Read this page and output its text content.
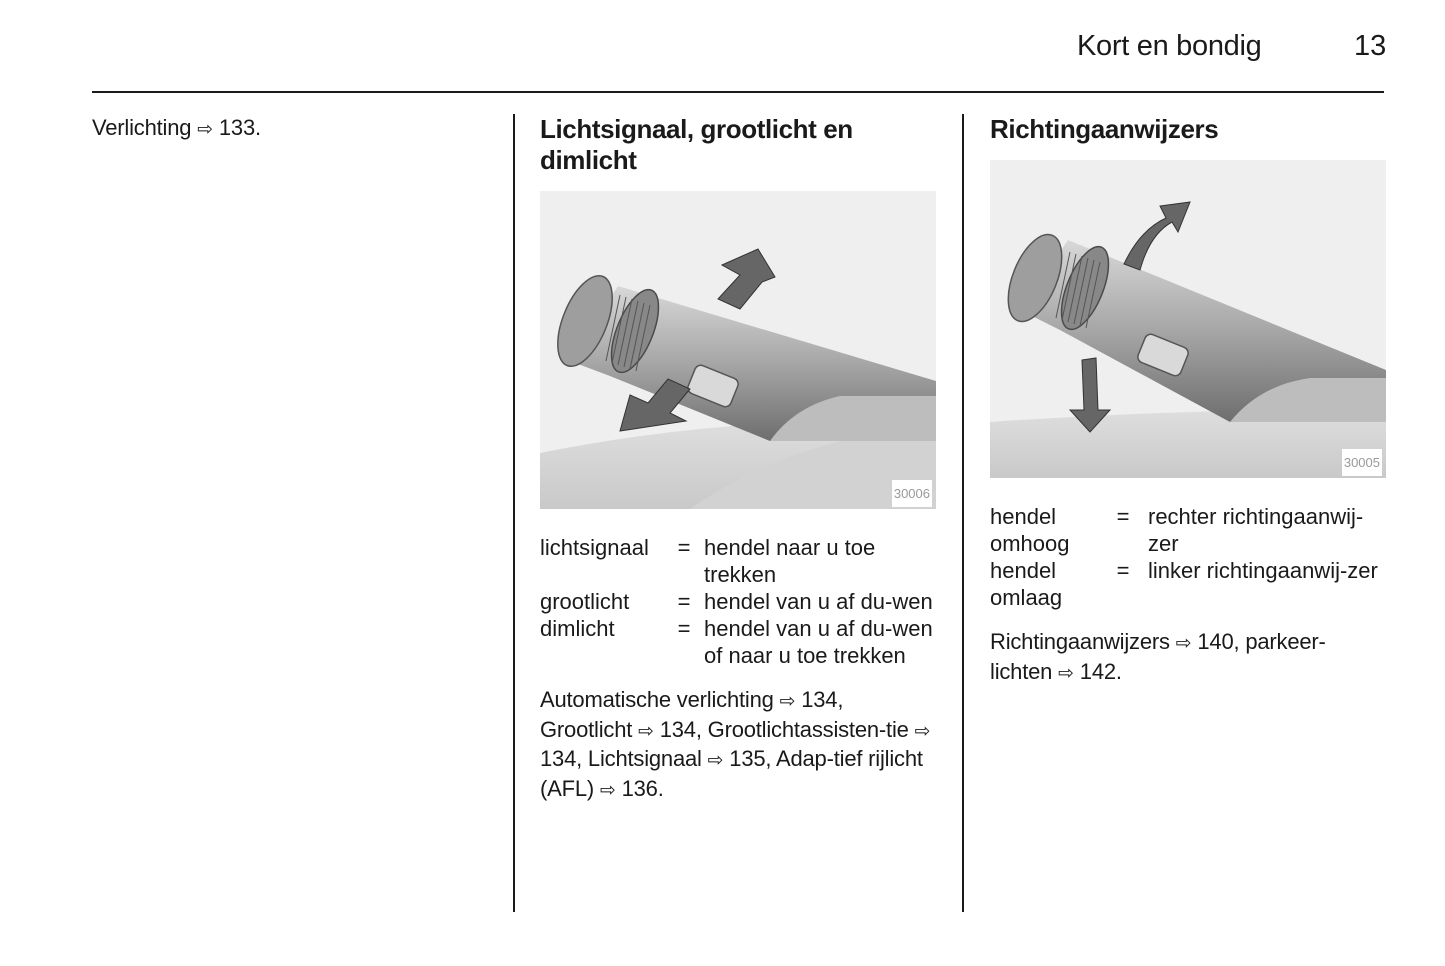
Kort en bondig	13

Verlichting ⇨ 133.	Lichtsignaal, grootlicht en dimlicht
30006
lichtsignaal	=	hendel naar u toe trekken
grootlicht	=	hendel van u af du-wen
dimlicht	=	hendel van u af du-wen of naar u toe trekken

Automatische verlichting ⇨ 134, Grootlicht ⇨ 134, Grootlichtassisten-tie ⇨ 134, Lichtsignaal ⇨ 135, Adap-tief rijlicht (AFL) ⇨ 136.

Richtingaanwijzers
30005
hendel omhoog	=	rechter richtingaanwij-zer
hendel omlaag	=	linker richtingaanwij-zer

Richtingaanwijzers ⇨ 140, parkeer-lichten ⇨ 142.
